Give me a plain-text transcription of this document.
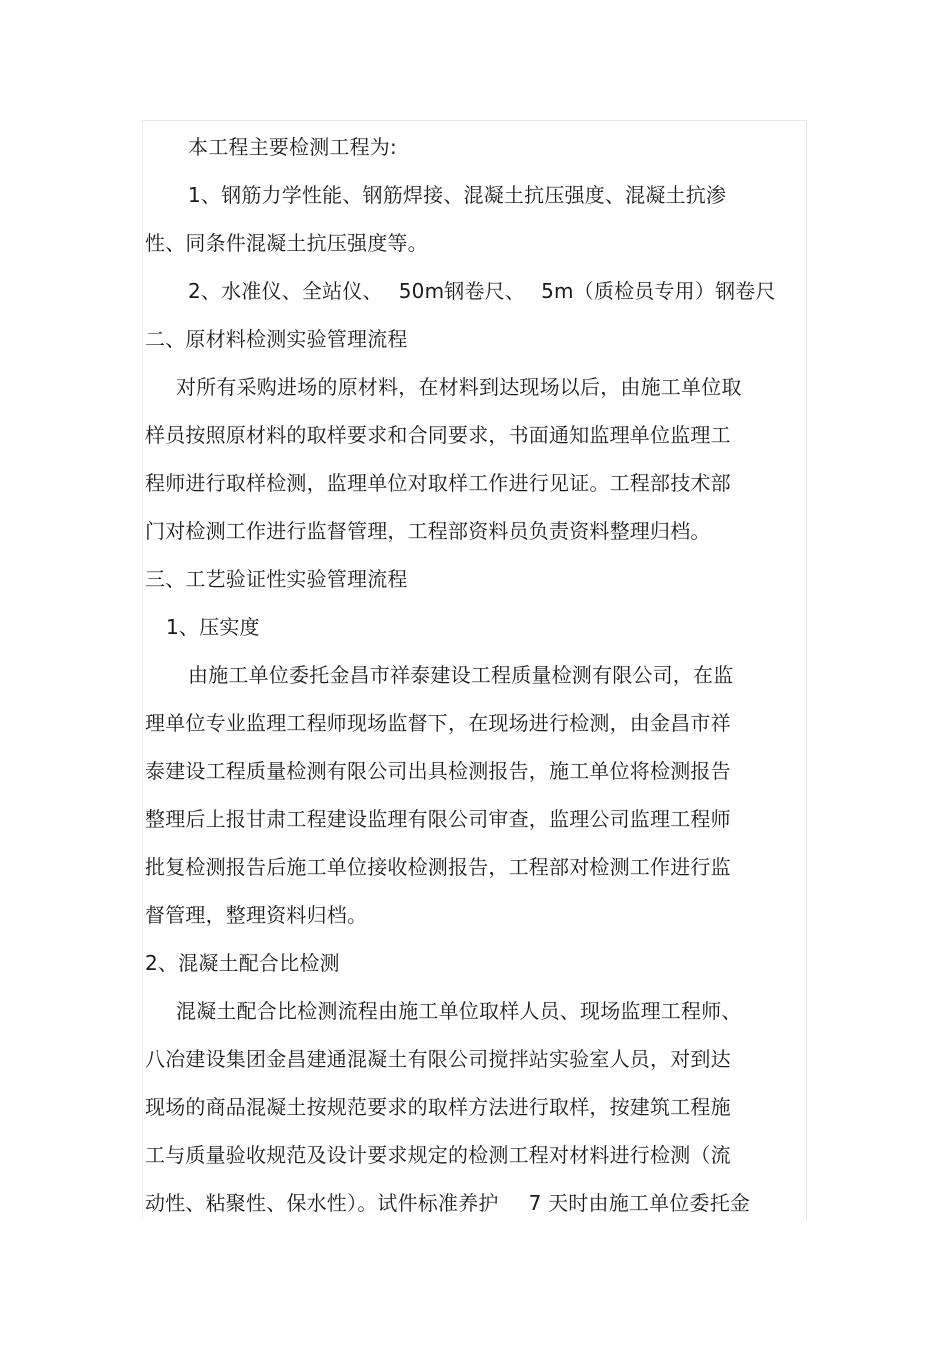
本工程主要检测工程为:
1、钢筋力学性能、钢筋焊接、混凝土抗压强度、混凝土抗渗
性、同条件混凝土抗压强度等。
2、水准仪、全站仪、 50m钢卷尺、 5m（质检员专用）钢卷尺
二、原材料检测实验管理流程
对所有采购进场的原材料，在材料到达现场以后，由施工单位取
样员按照原材料的取样要求和合同要求，书面通知监理单位监理工
程师进行取样检测，监理单位对取样工作进行见证。工程部技术部
门对检测工作进行监督管理，工程部资料员负责资料整理归档。
三、工艺验证性实验管理流程
1、压实度
由施工单位委托金昌市祥泰建设工程质量检测有限公司，在监
理单位专业监理工程师现场监督下，在现场进行检测，由金昌市祥
泰建设工程质量检测有限公司出具检测报告，施工单位将检测报告
整理后上报甘肃工程建设监理有限公司审查，监理公司监理工程师
批复检测报告后施工单位接收检测报告，工程部对检测工作进行监
督管理，整理资料归档。
2、混凝土配合比检测
混凝土配合比检测流程由施工单位取样人员、现场监理工程师、
八冶建设集团金昌建通混凝土有限公司搅拌站实验室人员，对到达
现场的商品混凝土按规范要求的取样方法进行取样，按建筑工程施
工与质量验收规范及设计要求规定的检测工程对材料进行检测（流
动性、粘聚性、保水性）。试件标准养护 7 天时由施工单位委托金
